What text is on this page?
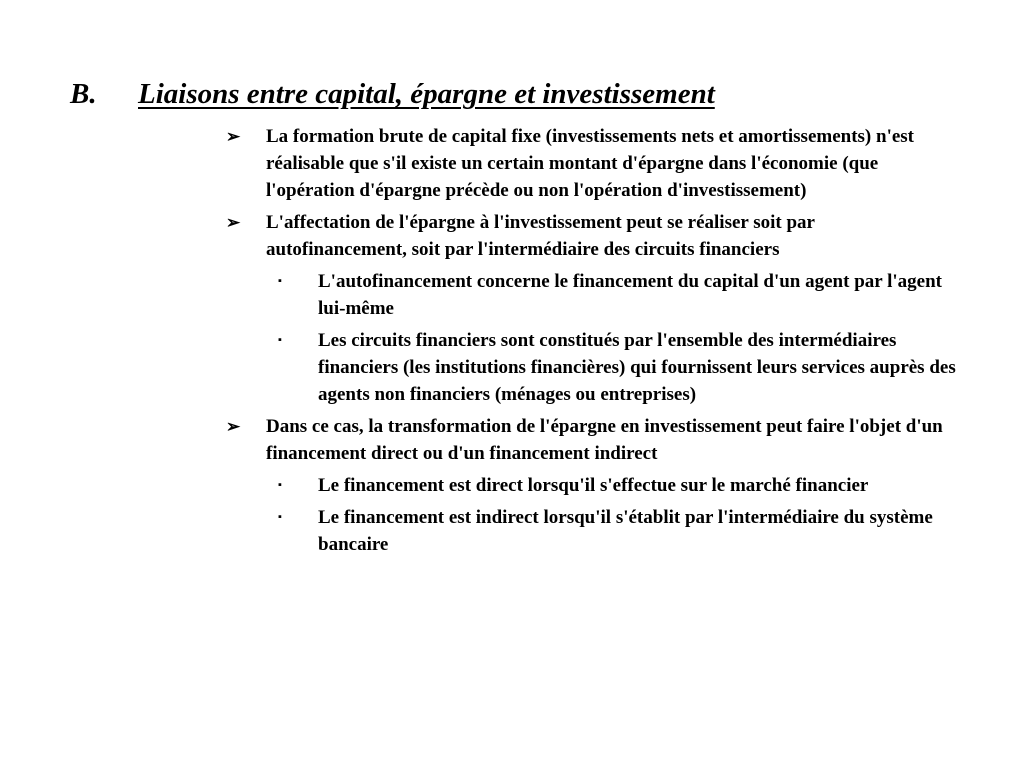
B. Liaisons entre capital, épargne et investissement
➢ La formation brute de capital fixe (investissements nets et amortissements) n'est réalisable que s'il existe un certain montant d'épargne dans l'économie (que l'opération d'épargne précède ou non l'opération d'investissement)
➢ L'affectation de l'épargne à l'investissement peut se réaliser soit par autofinancement, soit par l'intermédiaire des circuits financiers
▪ L'autofinancement concerne le financement du capital d'un agent par l'agent lui-même
▪ Les circuits financiers sont constitués par l'ensemble des intermédiaires financiers (les institutions financières) qui fournissent leurs services auprès des agents non financiers (ménages ou entreprises)
➢ Dans ce cas, la transformation de l'épargne en investissement peut faire l'objet d'un financement direct ou d'un financement indirect
▪ Le financement est direct lorsqu'il s'effectue sur le marché financier
▪ Le financement est indirect lorsqu'il s'établit par l'intermédiaire du système bancaire
